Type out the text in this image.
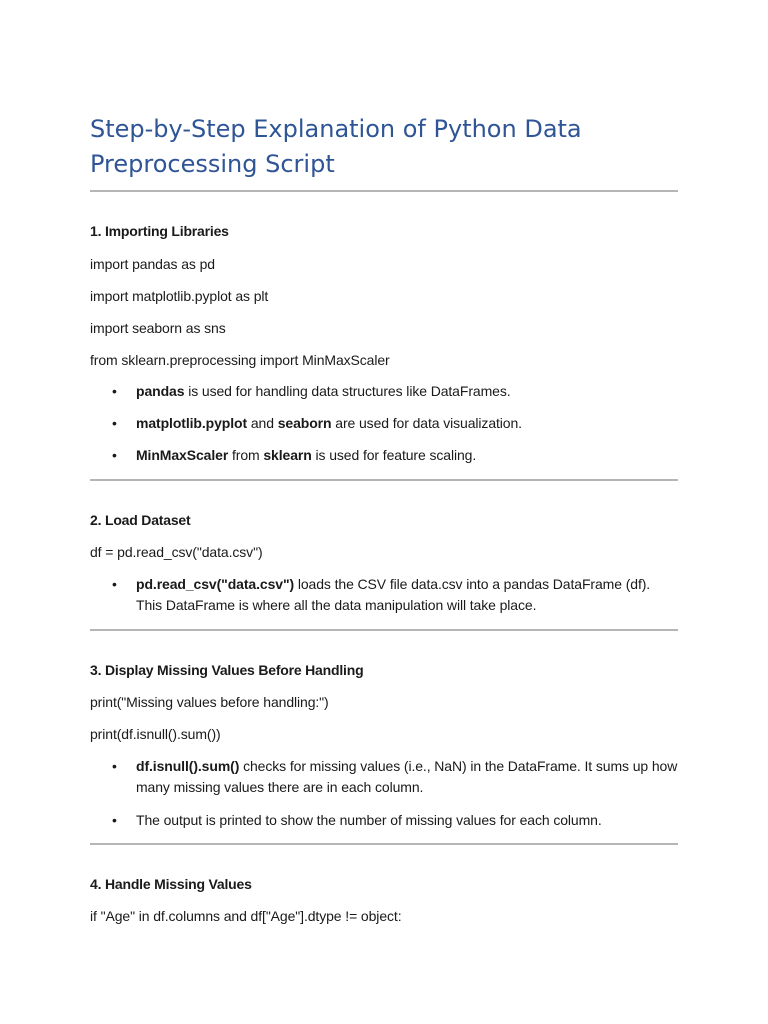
Step-by-Step Explanation of Python Data Preprocessing Script
1. Importing Libraries

import pandas as pd

import matplotlib.pyplot as plt

import seaborn as sns

from sklearn.preprocessing import MinMaxScaler

• pandas is used for handling data structures like DataFrames.
• matplotlib.pyplot and seaborn are used for data visualization.
• MinMaxScaler from sklearn is used for feature scaling.
2. Load Dataset

df = pd.read_csv("data.csv")

• pd.read_csv("data.csv") loads the CSV file data.csv into a pandas DataFrame (df). This DataFrame is where all the data manipulation will take place.
3. Display Missing Values Before Handling

print("Missing values before handling:")

print(df.isnull().sum())

• df.isnull().sum() checks for missing values (i.e., NaN) in the DataFrame. It sums up how many missing values there are in each column.
• The output is printed to show the number of missing values for each column.
4. Handle Missing Values

if "Age" in df.columns and df["Age"].dtype != object:
